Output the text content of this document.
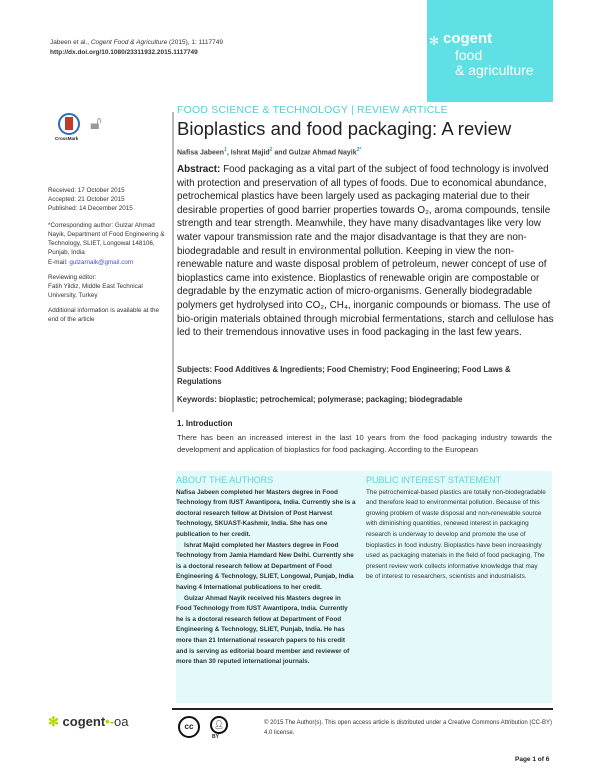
Jabeen et al., Cogent Food & Agriculture (2015), 1: 1117749
http://dx.doi.org/10.1080/23311932.2015.1117749
✻ cogent
food
& agriculture
CrossMark
🔓︎
FOOD SCIENCE & TECHNOLOGY | REVIEW ARTICLE
Bioplastics and food packaging: A review
Nafisa Jabeen$^1$, Ishrat Majid$^2$ and Gulzar Ahmad Nayik$^{2*}$
Abstract: Food packaging as a vital part of the subject of food technology is involved with protection and preservation of all types of foods. Due to economical abundance, petrochemical plastics have been largely used as packaging material due to their desirable properties of good barrier properties towards O₂, aroma compounds, tensile strength and tear strength. Meanwhile, they have many disadvantages like very low water vapour transmission rate and the major disadvantage is that they are non-biodegradable and result in environmental pollution. Keeping in view the non-renewable nature and waste disposal problem of petroleum, newer concept of use of bioplastics came into existence. Bioplastics of renewable origin are compostable or degradable by the enzymatic action of micro-organisms. Generally biodegradable polymers get hydrolysed into CO₂, CH₄, inorganic compounds or biomass. The use of bio-origin materials obtained through microbial fermentations, starch and cellulose has led to their tremendous innovative uses in food packaging in the last few years.
Subjects: Food Additives & Ingredients; Food Chemistry; Food Engineering; Food Laws & Regulations
Keywords: bioplastic; petrochemical; polymerase; packaging; biodegradable
1. Introduction
There has been an increased interest in the last 10 years from the food packaging industry towards the development and application of bioplastics for food packaging. According to the European
Received: 17 October 2015
Accepted: 21 October 2015
Published: 14 December 2015
*Corresponding author: Gulzar Ahmad Nayik, Department of Food Engineering & Technology, SLIET, Longowal 148106, Punjab, India
E-mail: gulzarnaik@gmail.com
Reviewing editor:
Fatih Yildiz, Middle East Technical University, Turkey
Additional information is available at the end of the article
ABOUT THE AUTHORS

Nafisa Jabeen completed her Masters degree in Food Technology from IUST Awantipora, India. Currently she is a doctoral research fellow at Division of Post Harvest Technology, SKUAST-Kashmir, India. She has one publication to her credit.

Ishrat Majid completed her Masters degree in Food Technology from Jamia Hamdard New Delhi. Currently she is a doctoral research fellow at Department of Food Engineering & Technology, SLIET, Longowal, Punjab, India having 4 International publications to her credit.

Gulzar Ahmad Nayik received his Masters degree in Food Technology from IUST Awantipora, India. Currently he is a doctoral research fellow at Department of Food Engineering & Technology, SLIET, Punjab, India. He has more than 21 International research papers to his credit and is serving as editorial board member and reviewer of more than 30 reputed international journals.

PUBLIC INTEREST STATEMENT

The petrochemical-based plastics are totally non-biodegradable and therefore lead to environmental pollution. Because of this growing problem of waste disposal and non-renewable source with diminishing quantities, renewed interest in packaging research is underway to develop and promote the use of bioplastics in food industry. Bioplastics have been increasingly used as packaging materials in the field of food packaging. The present review work collects informative knowledge that may be of interest to researchers, scientists and industrialists.

✻ cogent•-oa	cc	👤︎
BY
© 2015 The Author(s). This open access article is distributed under a Creative Commons Attribution (CC-BY) 4.0 license.
Page 1 of 6
